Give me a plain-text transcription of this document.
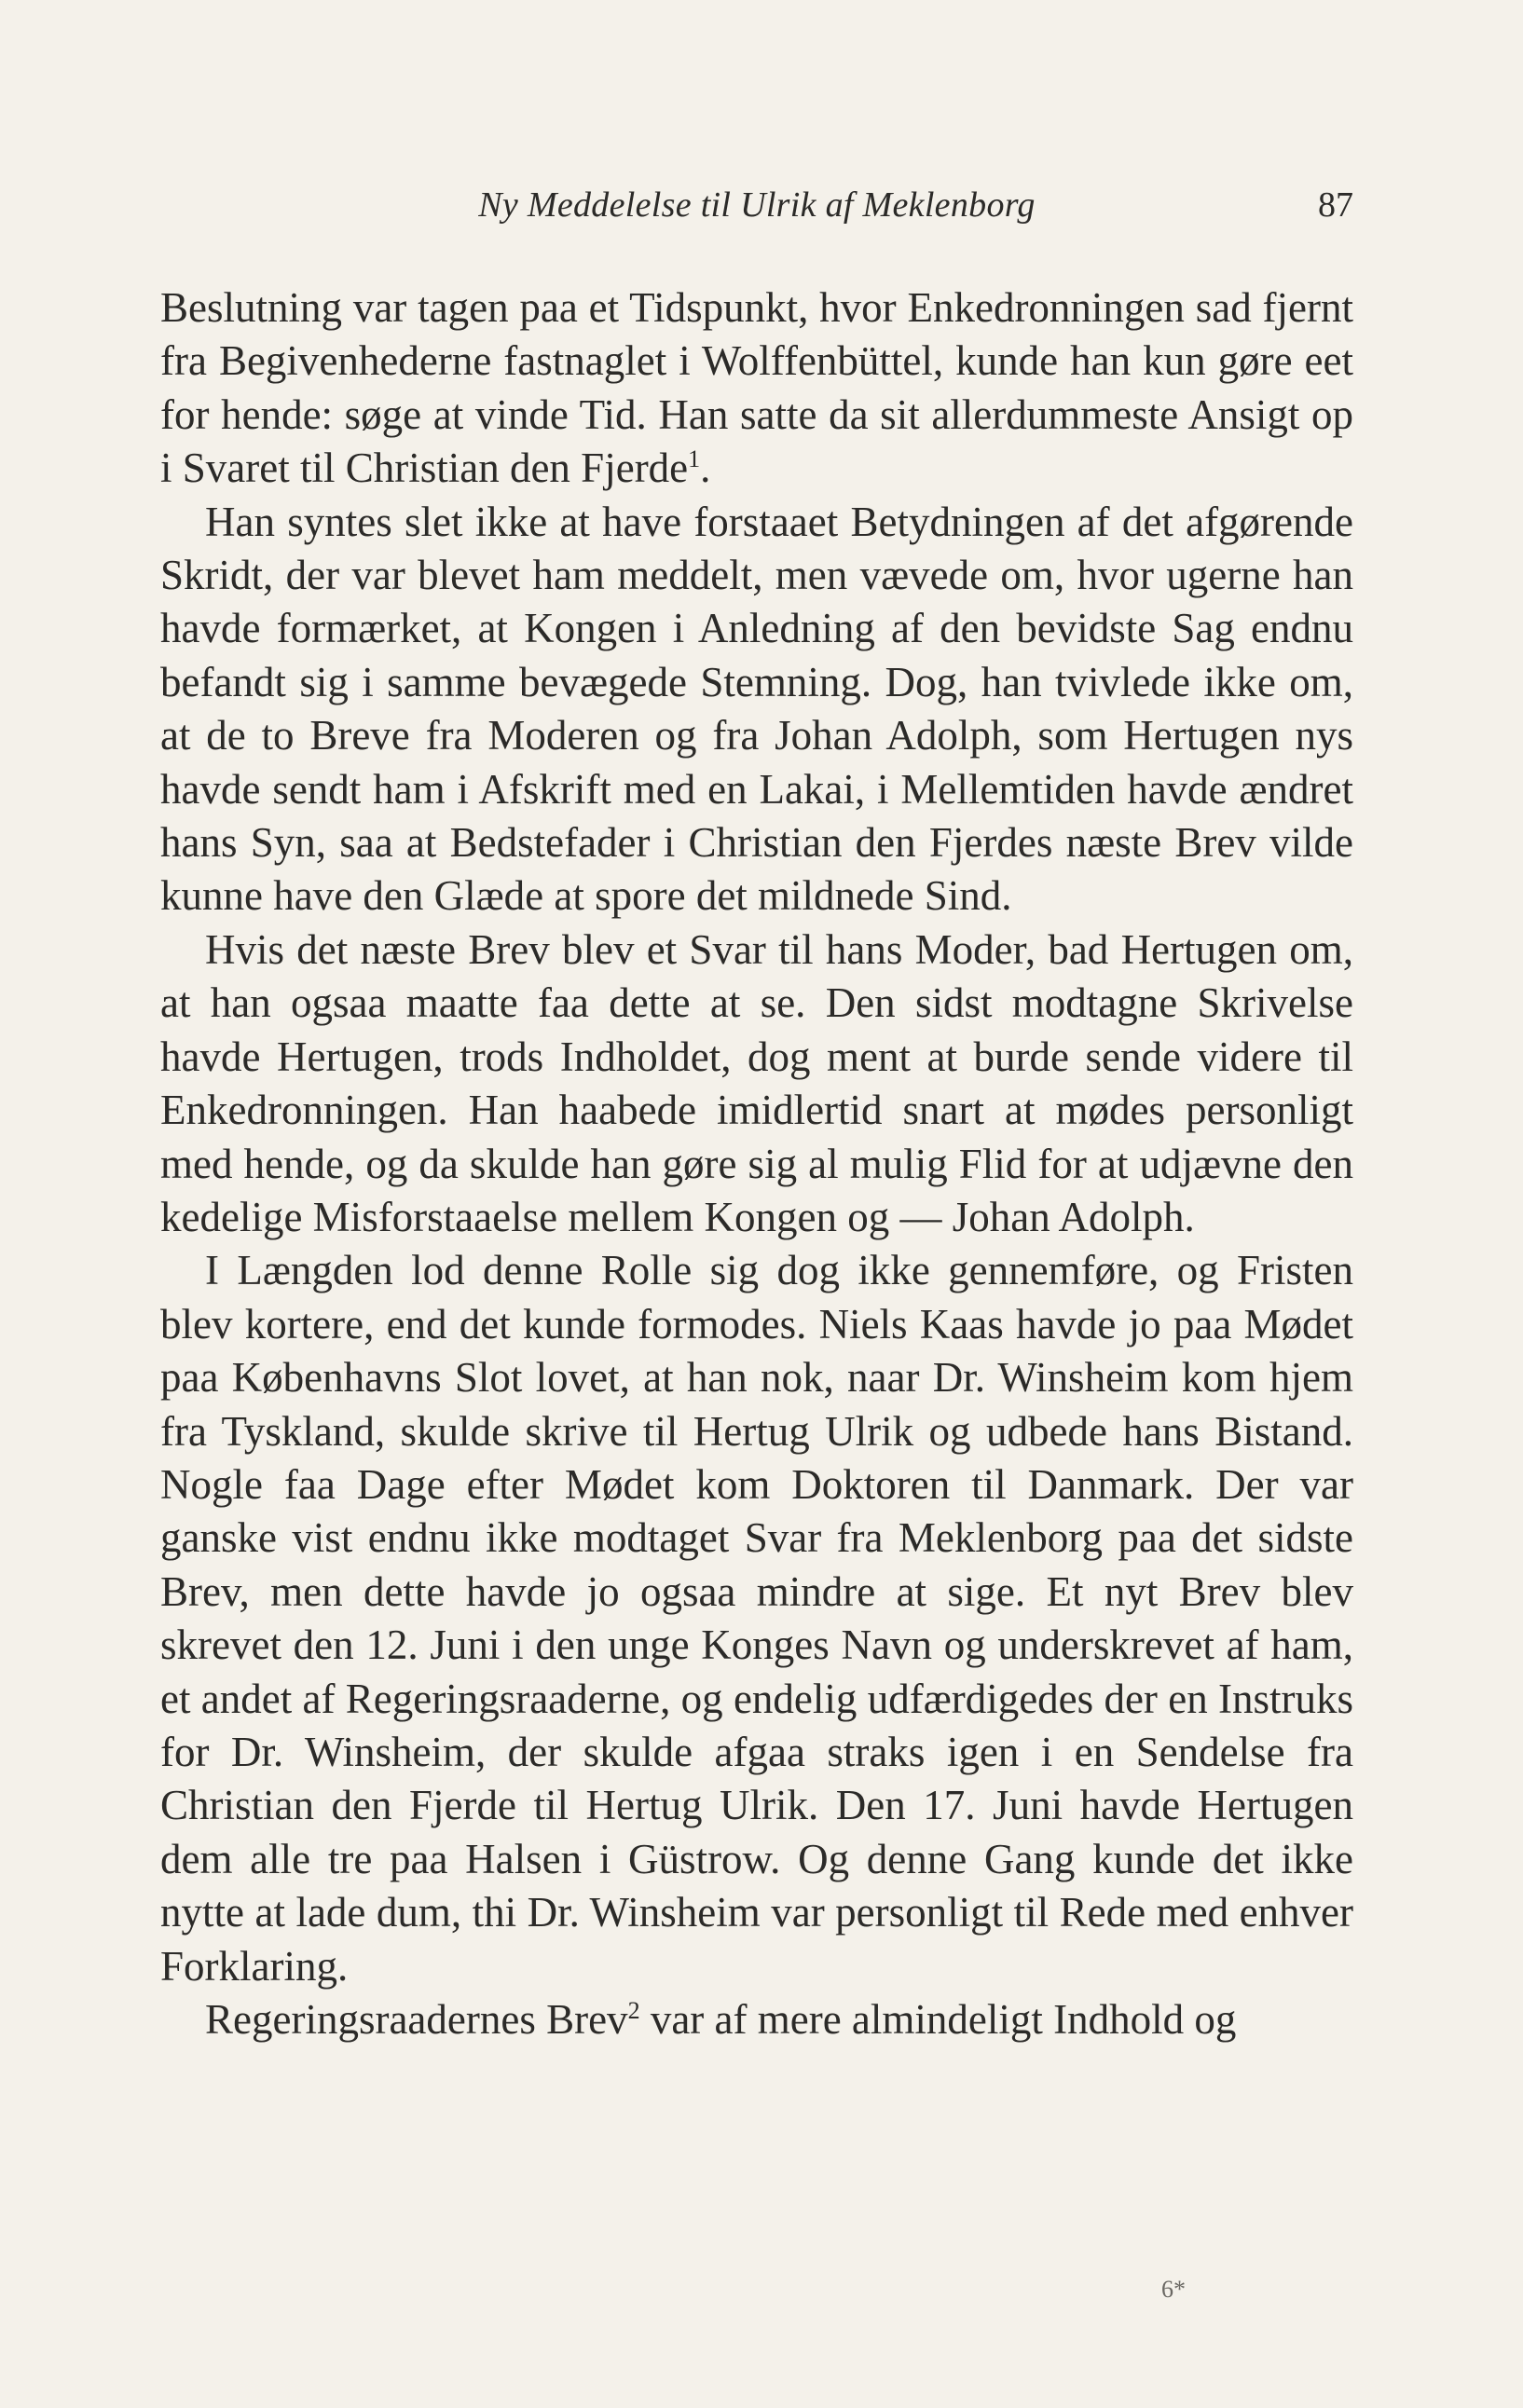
Ny Meddelelse til Ulrik af Meklenborg	87

Beslutning var tagen paa et Tidspunkt, hvor Enkedronningen sad fjernt fra Begivenhederne fastnaglet i Wolffenbüttel, kunde han kun gøre eet for hende: søge at vinde Tid. Han satte da sit allerdummeste Ansigt op i Svaret til Christian den Fjerde$^1$.

Han syntes slet ikke at have forstaaet Betydningen af det afgørende Skridt, der var blevet ham meddelt, men vævede om, hvor ugerne han havde formærket, at Kongen i Anledning af den bevidste Sag endnu befandt sig i samme bevægede Stemning. Dog, han tvivlede ikke om, at de to Breve fra Moderen og fra Johan Adolph, som Hertugen nys havde sendt ham i Afskrift med en Lakai, i Mellemtiden havde ændret hans Syn, saa at Bedstefader i Christian den Fjerdes næste Brev vilde kunne have den Glæde at spore det mildnede Sind.

Hvis det næste Brev blev et Svar til hans Moder, bad Hertugen om, at han ogsaa maatte faa dette at se. Den sidst modtagne Skrivelse havde Hertugen, trods Indholdet, dog ment at burde sende videre til Enkedronningen. Han haabede imidlertid snart at mødes personligt med hende, og da skulde han gøre sig al mulig Flid for at udjævne den kedelige Misforstaaelse mellem Kongen og — Johan Adolph.

I Længden lod denne Rolle sig dog ikke gennemføre, og Fristen blev kortere, end det kunde formodes. Niels Kaas havde jo paa Mødet paa Københavns Slot lovet, at han nok, naar Dr. Winsheim kom hjem fra Tyskland, skulde skrive til Hertug Ulrik og udbede hans Bistand. Nogle faa Dage efter Mødet kom Doktoren til Danmark. Der var ganske vist endnu ikke modtaget Svar fra Meklenborg paa det sidste Brev, men dette havde jo ogsaa mindre at sige. Et nyt Brev blev skrevet den 12. Juni i den unge Konges Navn og underskrevet af ham, et andet af Regeringsraaderne, og endelig udfærdigedes der en Instruks for Dr. Winsheim, der skulde afgaa straks igen i en Sendelse fra Christian den Fjerde til Hertug Ulrik. Den 17. Juni havde Hertugen dem alle tre paa Halsen i Güstrow. Og denne Gang kunde det ikke nytte at lade dum, thi Dr. Winsheim var personligt til Rede med enhver Forklaring.

Regeringsraadernes Brev$^2$ var af mere almindeligt Indhold og

6*
